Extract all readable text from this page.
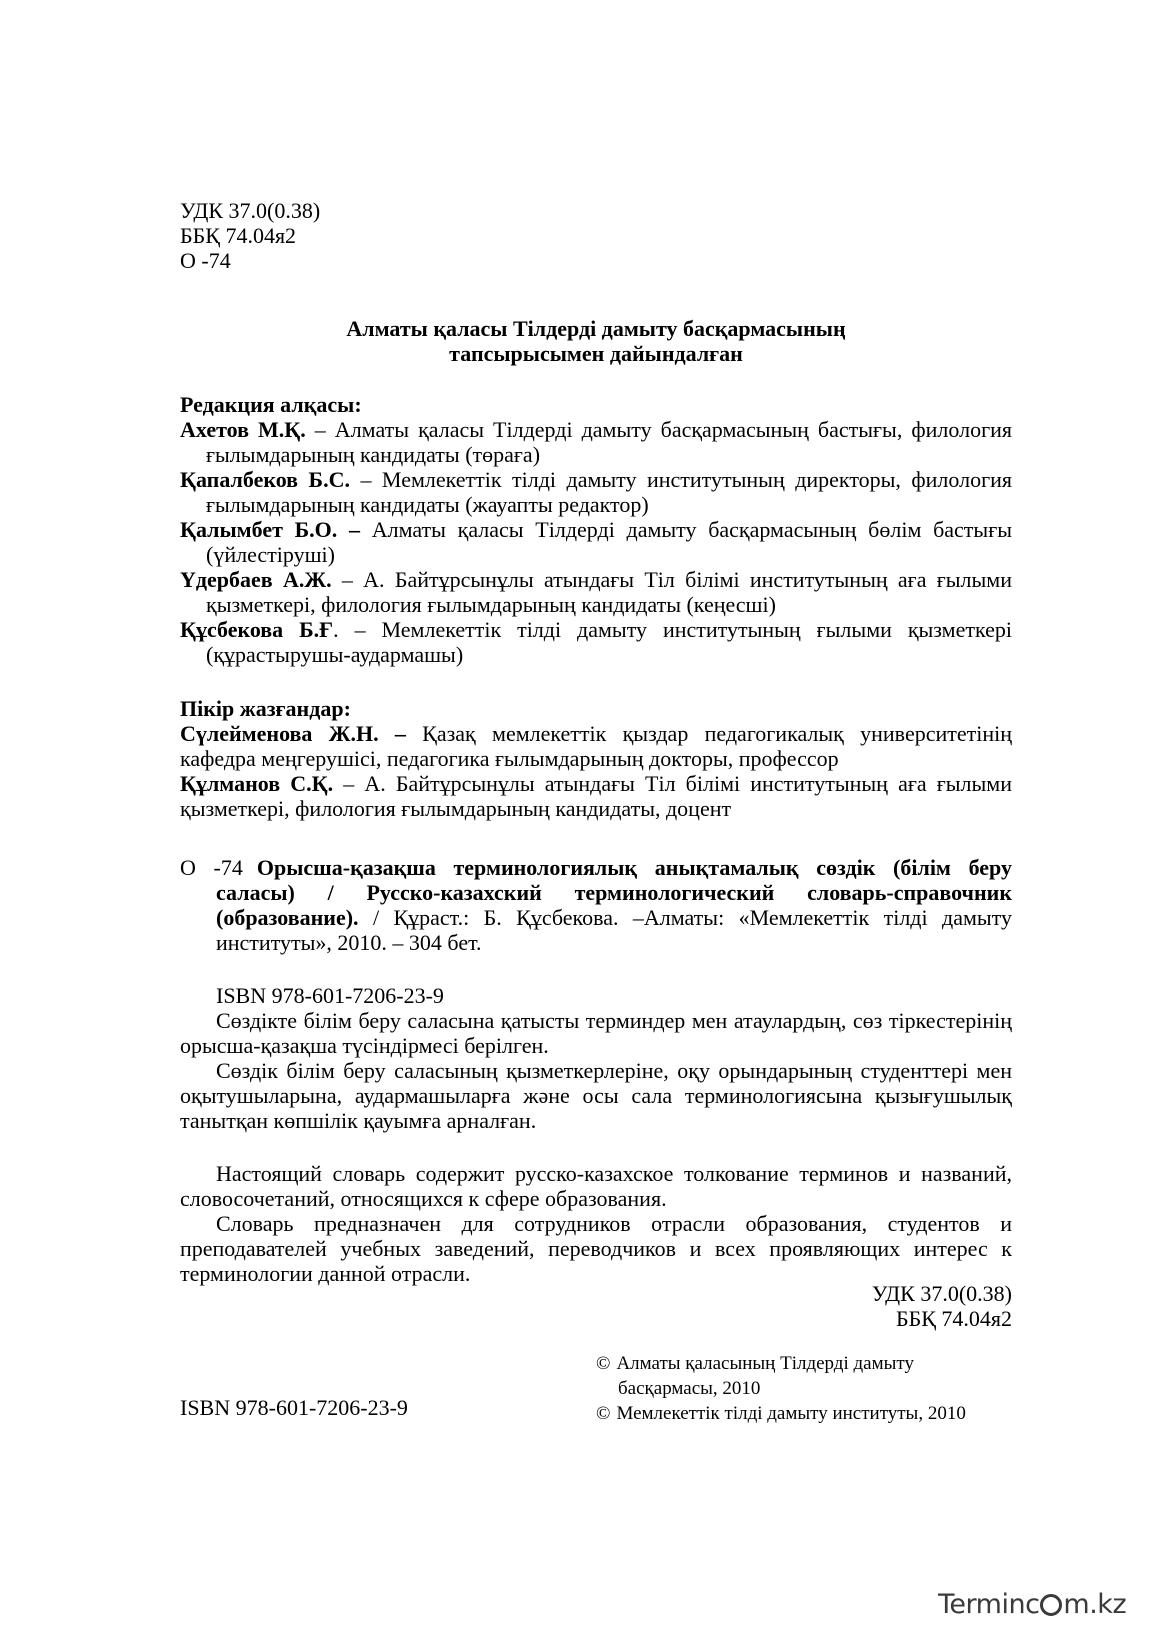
УДК 37.0(0.38)
ББҚ 74.04я2
О -74
Алматы қаласы Тілдерді дамыту басқармасының
тапсырысымен дайындалған
Редакция алқасы:
Ахетов М.Қ. – Алматы қаласы Тілдерді дамыту басқармасының бастығы, филология ғылымдарының кандидаты (төраға)
Қапалбеков Б.С. – Мемлекеттік тілді дамыту институтының директоры, филология ғылымдарының кандидаты (жауапты редактор)
Қалымбет Б.О. – Алматы қаласы Тілдерді дамыту басқармасының бөлім бастығы (үйлестіруші)
Үдербаев А.Ж. – А. Байтұрсынұлы атындағы Тіл білімі институтының аға ғылыми қызметкері, филология ғылымдарының кандидаты (кеңесші)
Құсбекова Б.Ғ. – Мемлекеттік тілді дамыту институтының ғылыми қызметкері (құрастырушы-аудармашы)
Пікір жазғандар:
Сүлейменова Ж.Н. – Қазақ мемлекеттік қыздар педагогикалық университетінің кафедра меңгерушісі, педагогика ғылымдарының докторы, профессор
Құлманов С.Қ. – А. Байтұрсынұлы атындағы Тіл білімі институтының аға ғылыми қызметкері, филология ғылымдарының кандидаты, доцент
О -74 Орысша-қазақша терминологиялық анықтамалық сөздік (білім беру саласы) / Русско-казахский терминологический словарь-справочник (образование). / Құраст.: Б. Құсбекова. –Алматы: «Мемлекеттік тілді дамыту институты», 2010. – 304 бет.
ISBN 978-601-7206-23-9

Сөздікте білім беру саласына қатысты терминдер мен атаулардың, сөз тіркестерінің орысша-қазақша түсіндірмесі берілген.

Сөздік білім беру саласының қызметкерлеріне, оқу орындарының студенттері мен оқытушыларына, аудармашыларға және осы сала терминологиясына қызығушылық танытқан көпшілік қауымға арналған.

Настоящий словарь содержит русско-казахское толкование терминов и названий, словосочетаний, относящихся к сфере образования.

Словарь предназначен для сотрудников отрасли образования, студентов и преподавателей учебных заведений, переводчиков и всех проявляющих интерес к терминологии данной отрасли.

УДК 37.0(0.38)
ББҚ 74.04я2
ISBN 978-601-7206-23-9
© Алматы қаласының Тілдерді дамыту басқармасы, 2010
© Мемлекеттік тілді дамыту институты, 2010
Terminc m.kz
